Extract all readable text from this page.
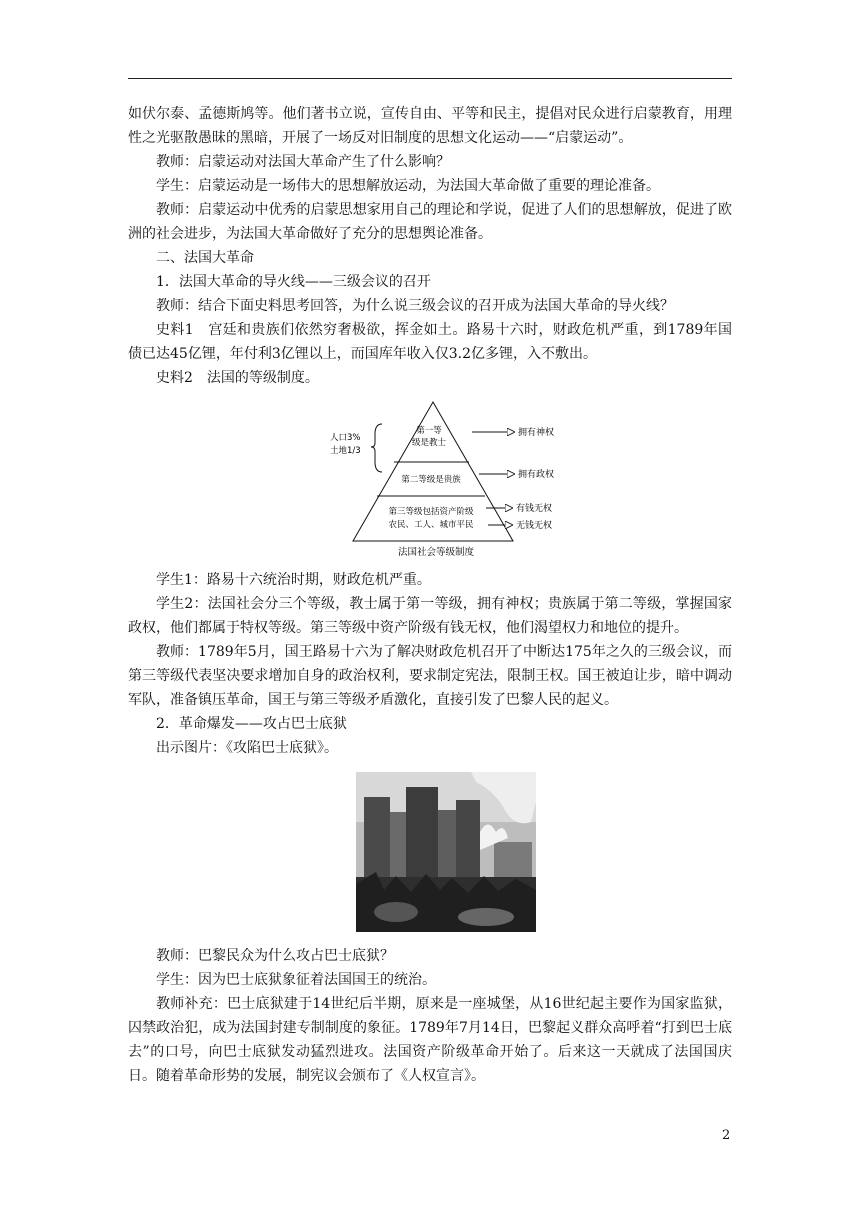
如伏尔泰、孟德斯鸠等。他们著书立说，宣传自由、平等和民主，提倡对民众进行启蒙教育，用理性之光驱散愚昧的黑暗，开展了一场反对旧制度的思想文化运动——“启蒙运动”。

教师：启蒙运动对法国大革命产生了什么影响？

学生：启蒙运动是一场伟大的思想解放运动，为法国大革命做了重要的理论准备。

教师：启蒙运动中优秀的启蒙思想家用自己的理论和学说，促进了人们的思想解放，促进了欧洲的社会进步，为法国大革命做好了充分的思想舆论准备。

二、法国大革命

1．法国大革命的导火线——三级会议的召开

教师：结合下面史料思考回答，为什么说三级会议的召开成为法国大革命的导火线？

史料1　宫廷和贵族们依然穷奢极欲，挥金如土。路易十六时，财政危机严重，到1789年国债已达45亿锂，年付利3亿锂以上，而国库年收入仅3.2亿多锂，入不敷出。

史料2　法国的等级制度。

第一等
级是教士
第二等级是贵族
第三等级包括资产阶级
农民、工人、城市平民
人口3%
土地1/3
拥有神权
拥有政权
有钱无权
无钱无权
法国社会等级制度

学生1：路易十六统治时期，财政危机严重。

学生2：法国社会分三个等级，教士属于第一等级，拥有神权；贵族属于第二等级，掌握国家政权，他们都属于特权等级。第三等级中资产阶级有钱无权，他们渴望权力和地位的提升。

教师：1789年5月，国王路易十六为了解决财政危机召开了中断达175年之久的三级会议，而第三等级代表坚决要求增加自身的政治权利，要求制定宪法，限制王权。国王被迫让步，暗中调动军队，准备镇压革命，国王与第三等级矛盾激化，直接引发了巴黎人民的起义。

2．革命爆发——攻占巴士底狱

出示图片：《攻陷巴士底狱》。

教师：巴黎民众为什么攻占巴士底狱？

学生：因为巴士底狱象征着法国国王的统治。

教师补充：巴士底狱建于14世纪后半期，原来是一座城堡，从16世纪起主要作为国家监狱，囚禁政治犯，成为法国封建专制制度的象征。1789年7月14日，巴黎起义群众高呼着“打到巴士底去”的口号，向巴士底狱发动猛烈进攻。法国资产阶级革命开始了。后来这一天就成了法国国庆日。随着革命形势的发展，制宪议会颁布了《人权宣言》。

2
